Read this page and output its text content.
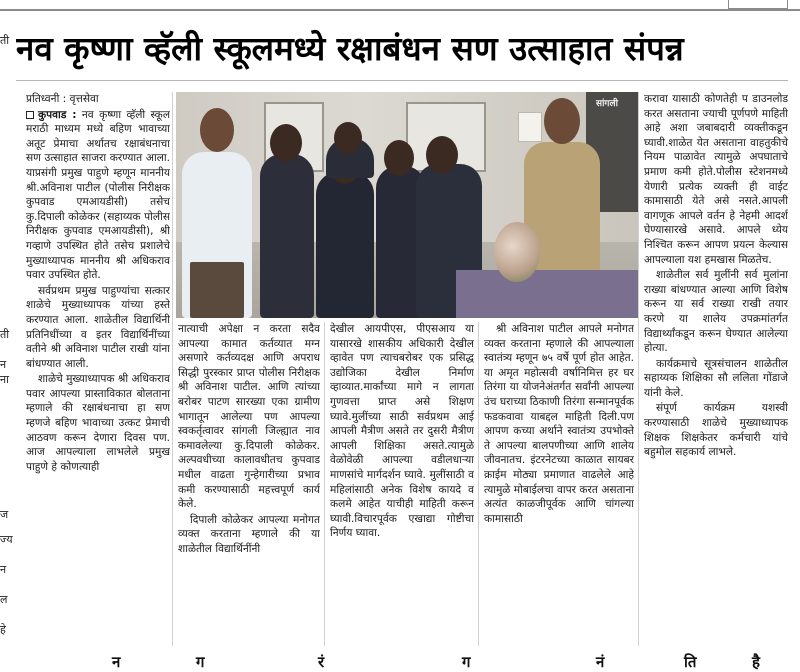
ती
ती
न
ना
ज
ज्य
न
ल
हे
नव कृष्णा व्हॅली स्कूलमध्ये रक्षाबंधन सण उत्साहात संपन्न

प्रतिध्वनी : वृत्तसेवा

कुपवाड : नव कृष्णा व्हॅली स्कूल मराठी माध्यम मध्ये बहिण भावाच्या अतूट प्रेमाचा अर्थातच रक्षाबंधनाचा सण उत्साहात साजरा करण्यात आला. याप्रसंगी प्रमुख पाहुणे म्हणून माननीय श्री.अविनाश पाटील (पोलीस निरीक्षक कुपवाड एमआयडीसी) तसेच कु.दिपाली कोळेकर (सहाय्यक पोलीस निरीक्षक कुपवाड एमआयडीसी), श्री गव्हाणे उपस्थित होते तसेच प्रशालेचे मुख्याध्यापक माननीय श्री अधिकराव पवार उपस्थित होते.

सर्वप्रथम प्रमुख पाहुण्यांचा सत्कार शाळेचे मुख्याध्यापक यांच्या हस्ते करण्यात आला. शाळेतील विद्यार्थिनी प्रतिनिधींच्या व इतर विद्यार्थिनींच्या वतीने श्री अविनाश पाटील राखी यांना बांधण्यात आली.

शाळेचे मुख्याध्यापक श्री अधिकराव पवार आपल्या प्रास्ताविकात बोलताना म्हणाले की रक्षाबंधनाचा हा सण म्हणजे बहिण भावाच्या उत्कट प्रेमाची आठवण करून देणारा दिवस पण. आज आपल्याला लाभलेले प्रमुख पाहुणे हे कोणत्याही

सांगली

नात्याची अपेक्षा न करता सदैव आपल्या कामात कर्तव्यात मग्न असणारे कर्तव्यदक्ष आणि अपराध सिद्धी पुरस्कार प्राप्त पोलीस निरीक्षक श्री अविनाश पाटील. आणि त्यांच्या बरोबर पाटण सारख्या एका ग्रामीण भागातून आलेल्या पण आपल्या स्वकर्तृत्वावर सांगली जिल्ह्यात नाव कमावलेल्या कु.दिपाली कोळेकर. अल्पवधीच्या कालावधीतच कुपवाड मधील वाढता गुन्हेगारीच्या प्रभाव कमी करण्यासाठी महत्त्वपूर्ण कार्य केले.

दिपाली कोळेकर आपल्या मनोगत व्यक्त करताना म्हणाले की या शाळेतील विद्यार्थिनींनी

देखील आयपीएस, पीएसआय या यासारखे शासकीय अधिकारी देखील व्हावेत पण त्याचबरोबर एक प्रसिद्ध उद्योजिका देखील निर्माण व्हाव्यात.मार्कांच्या मागे न लागता गुणवत्ता प्राप्त असे शिक्षण घ्यावे.मुलींच्या साठी सर्वप्रथम आई आपली मैत्रीण असते तर दुसरी मैत्रीण आपली शिक्षिका असते.त्यामुळे वेळोवेळी आपल्या वडीलधाऱ्या माणसांचे मार्गदर्शन घ्यावे. मुलींसाठी व महिलांसाठी अनेक विशेष कायदे व कलमे आहेत याचीही माहिती करून घ्यावी.विचारपूर्वक एखाद्या गोष्टीचा निर्णय घ्यावा.

श्री अविनाश पाटील आपले मनोगत व्यक्त करताना म्हणाले की आपल्याला स्वातंत्र्य म्हणून ७५ वर्षे पूर्ण होत आहेत. या अमृत महोत्सवी वर्षानिमित्त हर घर तिरंगा या योजनेअंतर्गत सर्वांनी आपल्या उंच घराच्या ठिकाणी तिरंगा सन्मानपूर्वक फडकवावा याबद्दल माहिती दिली.पण आपण कच्या अर्थाने स्वातंत्र्य उपभोक्ते ते आपल्या बालपणीच्या आणि शालेय जीवनातच. इंटरनेटच्या काळात सायबर क्राईम मोठ्या प्रमाणात वाढलेले आहे त्यामुळे मोबाईलचा वापर करत असताना अत्यंत काळजीपूर्वक आणि चांगल्या कामासाठी

करावा यासाठी कोणतेही प डाउनलोड करत असताना ज्याची पूर्णपणे माहिती आहे अशा जबाबदारी व्यक्तीकडून घ्यावी.शाळेत येत असताना वाहतुकीचे नियम पाळावेत त्यामुळे अपघाताचे प्रमाण कमी होते.पोलीस स्टेशनमध्ये येणारी प्रत्येक व्यक्ती ही वाईट कामासाठी येते असे नसते.आपली वागणूक आपले वर्तन हे नेहमी आदर्श घेण्यासारखे असावे. आपले ध्येय निश्चित करून आपण प्रयत्न केल्यास आपल्याला यश हमखास मिळतेच.

शाळेतील सर्व मुलींनी सर्व मुलांना राख्या बांधण्यात आल्या आणि विशेष करून या सर्व राख्या राखी तयार करणे या शालेय उपक्रमांतर्गत विद्यार्थ्यांकडून करून घेण्यात आलेल्या होत्या.

कार्यक्रमाचे सूत्रसंचालन शाळेतील सहाय्यक शिक्षिका सौ ललिता गोंडाजे यांनी केले.

संपूर्ण कार्यक्रम यशस्वी करण्यासाठी शाळेचे मुख्याध्यापक शिक्षक शिक्षकेतर कर्मचारी यांचे बहुमोल सहकार्य लाभले.

न	ग	रं	ग	नं	ति	है
